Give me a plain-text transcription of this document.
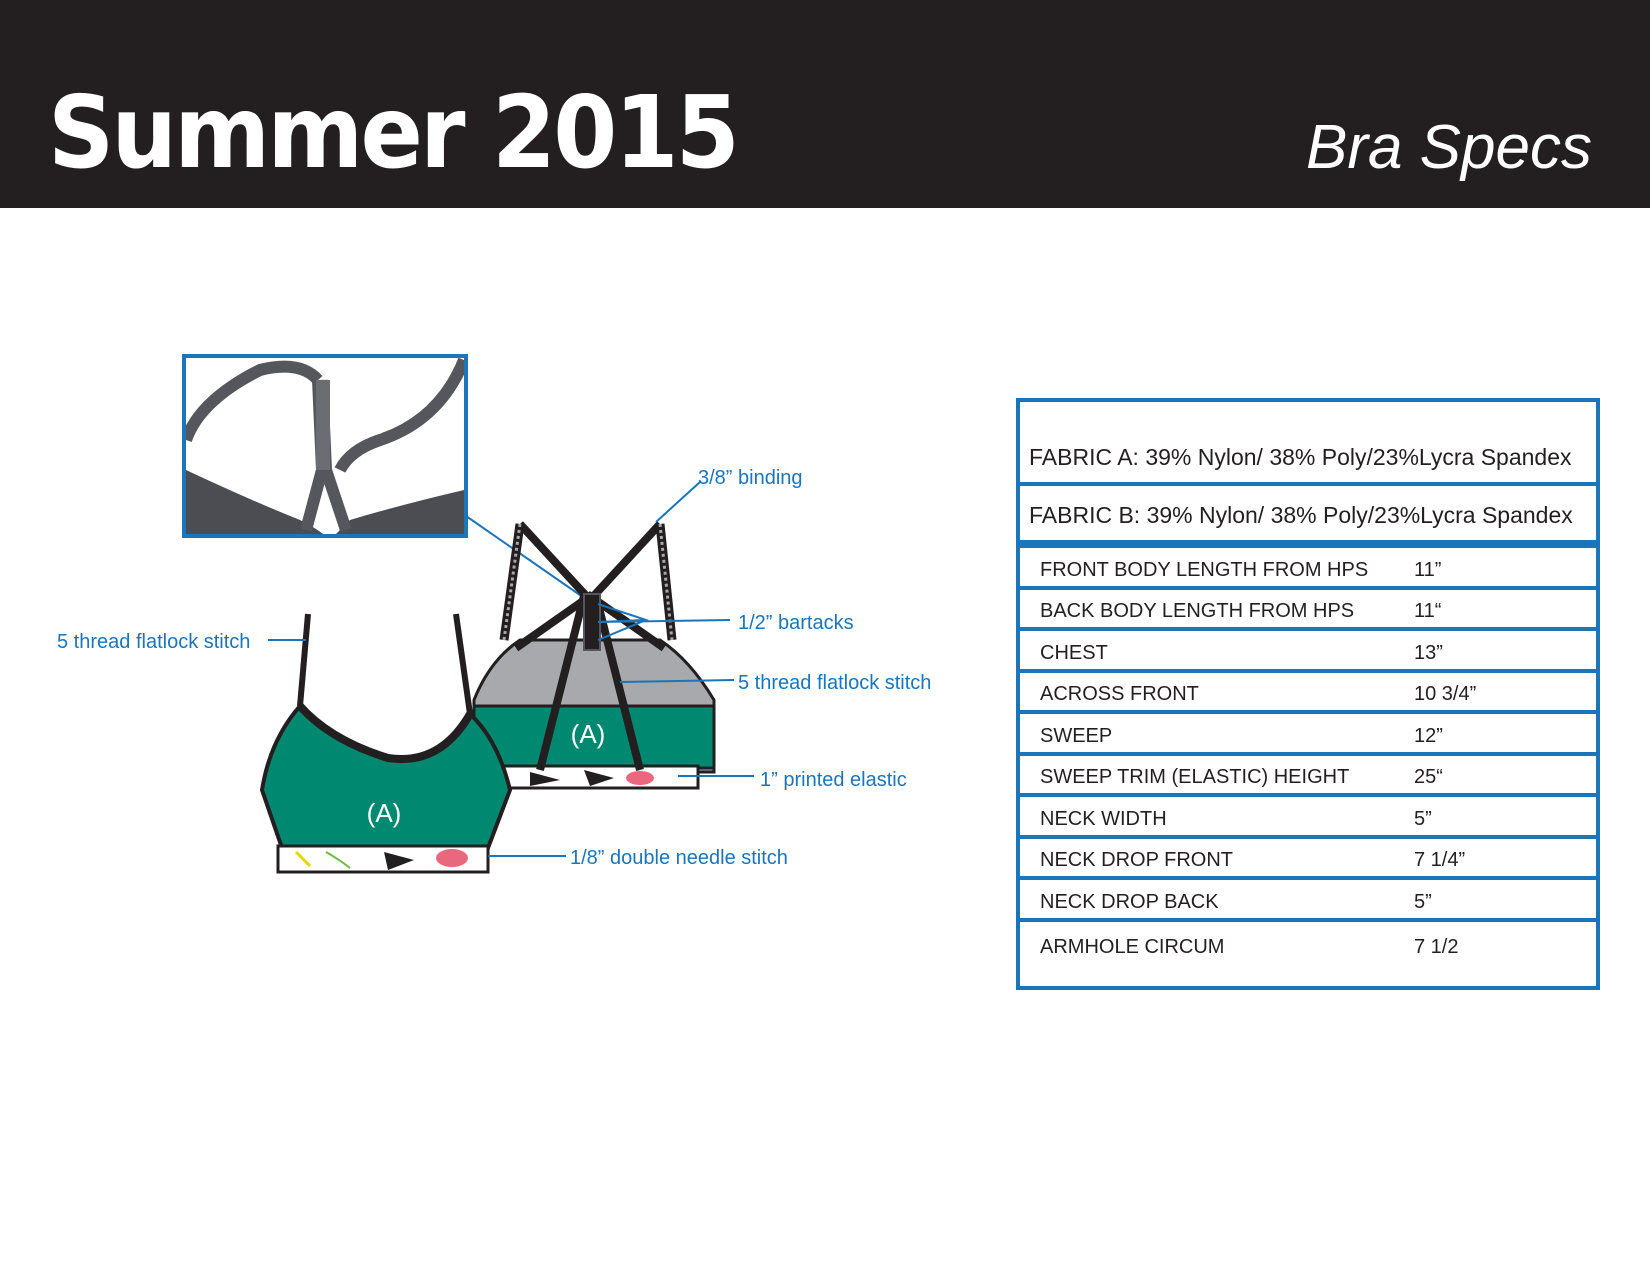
Summer 2015	Bra Specs
(A)
(A)
3/8” binding
1/2” bartacks
5 thread flatlock stitch
1” printed elastic
1/8” double needle stitch
5 thread flatlock stitch
FABRIC A: 39% Nylon/ 38% Poly/23%Lycra Spandex
FABRIC B: 39% Nylon/ 38% Poly/23%Lycra Spandex
FRONT BODY LENGTH FROM HPS 11”
BACK BODY LENGTH FROM HPS	11“
CHEST	13”
ACROSS FRONT	10 3/4”
SWEEP	12”
SWEEP TRIM (ELASTIC) HEIGHT	25“
NECK WIDTH	5”
NECK DROP FRONT	7 1/4”
NECK DROP BACK	5”
ARMHOLE CIRCUM	7 1/2
